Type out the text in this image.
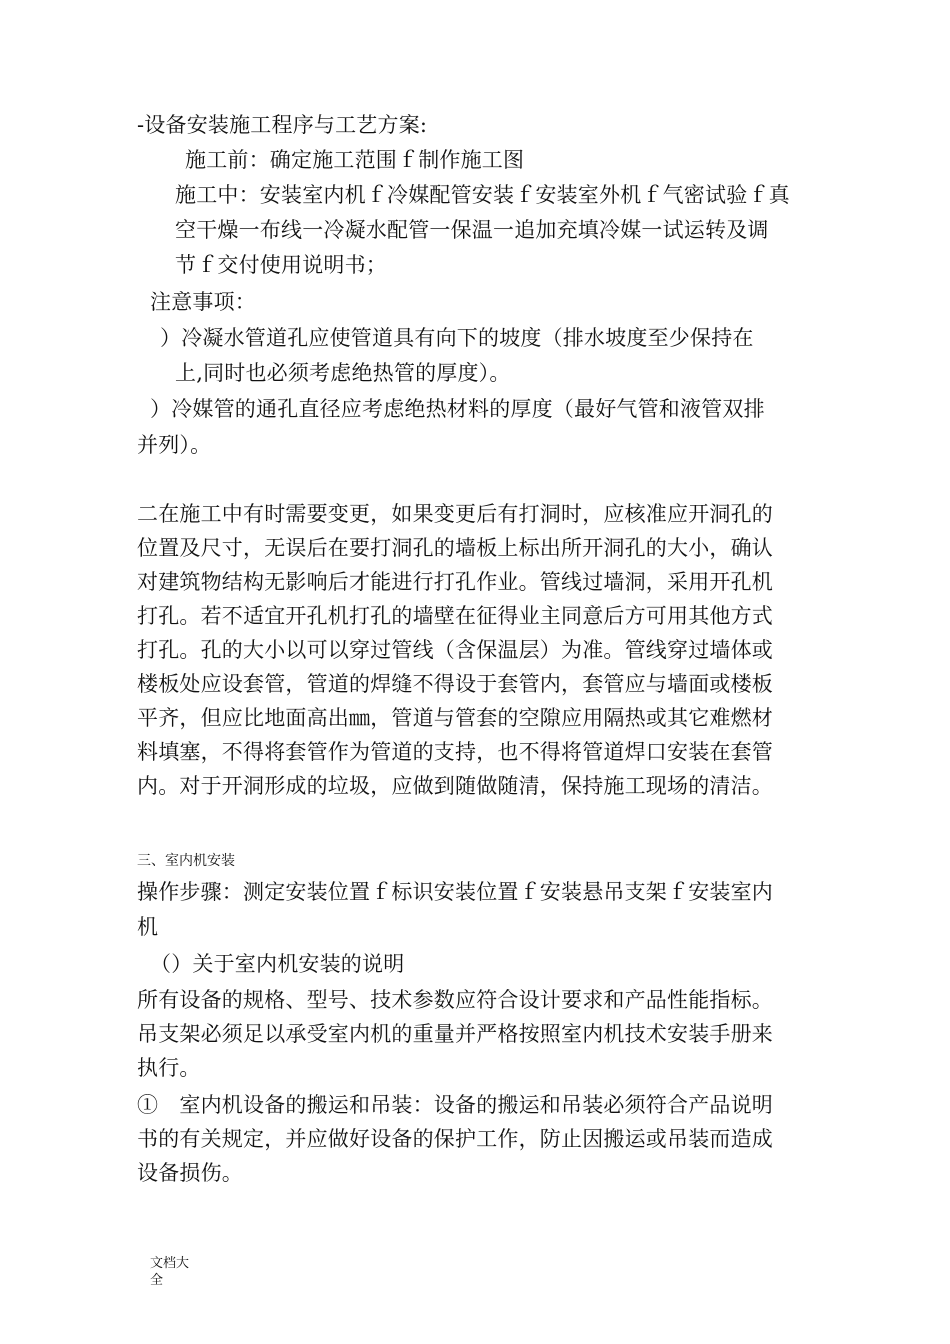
-设备安装施工程序与工艺方案:
施工前：确定施工范围ｆ制作施工图
施工中：安装室内机ｆ冷媒配管安装ｆ安装室外机ｆ气密试验ｆ真
空干燥一布线一冷凝水配管一保温一追加充填冷媒一试运转及调
节ｆ交付使用说明书；
注意事项：
）冷凝水管道孔应使管道具有向下的坡度（排水坡度至少保持在
上,同时也必须考虑绝热管的厚度）。
）冷媒管的通孔直径应考虑绝热材料的厚度（最好气管和液管双排
并列）。
二在施工中有时需要变更，如果变更后有打洞时，应核准应开洞孔的
位置及尺寸，无误后在要打洞孔的墙板上标出所开洞孔的大小，确认
对建筑物结构无影响后才能进行打孔作业。管线过墙洞，采用开孔机
打孔。若不适宜开孔机打孔的墙壁在征得业主同意后方可用其他方式
打孔。孔的大小以可以穿过管线（含保温层）为准。管线穿过墙体或
楼板处应设套管，管道的焊缝不得设于套管内，套管应与墙面或楼板
平齐，但应比地面高出㎜，管道与管套的空隙应用隔热或其它难燃材
料填塞，不得将套管作为管道的支持，也不得将管道焊口安装在套管
内。对于开洞形成的垃圾，应做到随做随清，保持施工现场的清洁。
三、室内机安装
操作步骤：测定安装位置ｆ标识安装位置ｆ安装悬吊支架ｆ安装室内
机
（）关于室内机安装的说明
所有设备的规格、型号、技术参数应符合设计要求和产品性能指标。
吊支架必须足以承受室内机的重量并严格按照室内机技术安装手册来
执行。
①　室内机设备的搬运和吊装：设备的搬运和吊装必须符合产品说明
书的有关规定，并应做好设备的保护工作，防止因搬运或吊装而造成
设备损伤。
文档大
全
